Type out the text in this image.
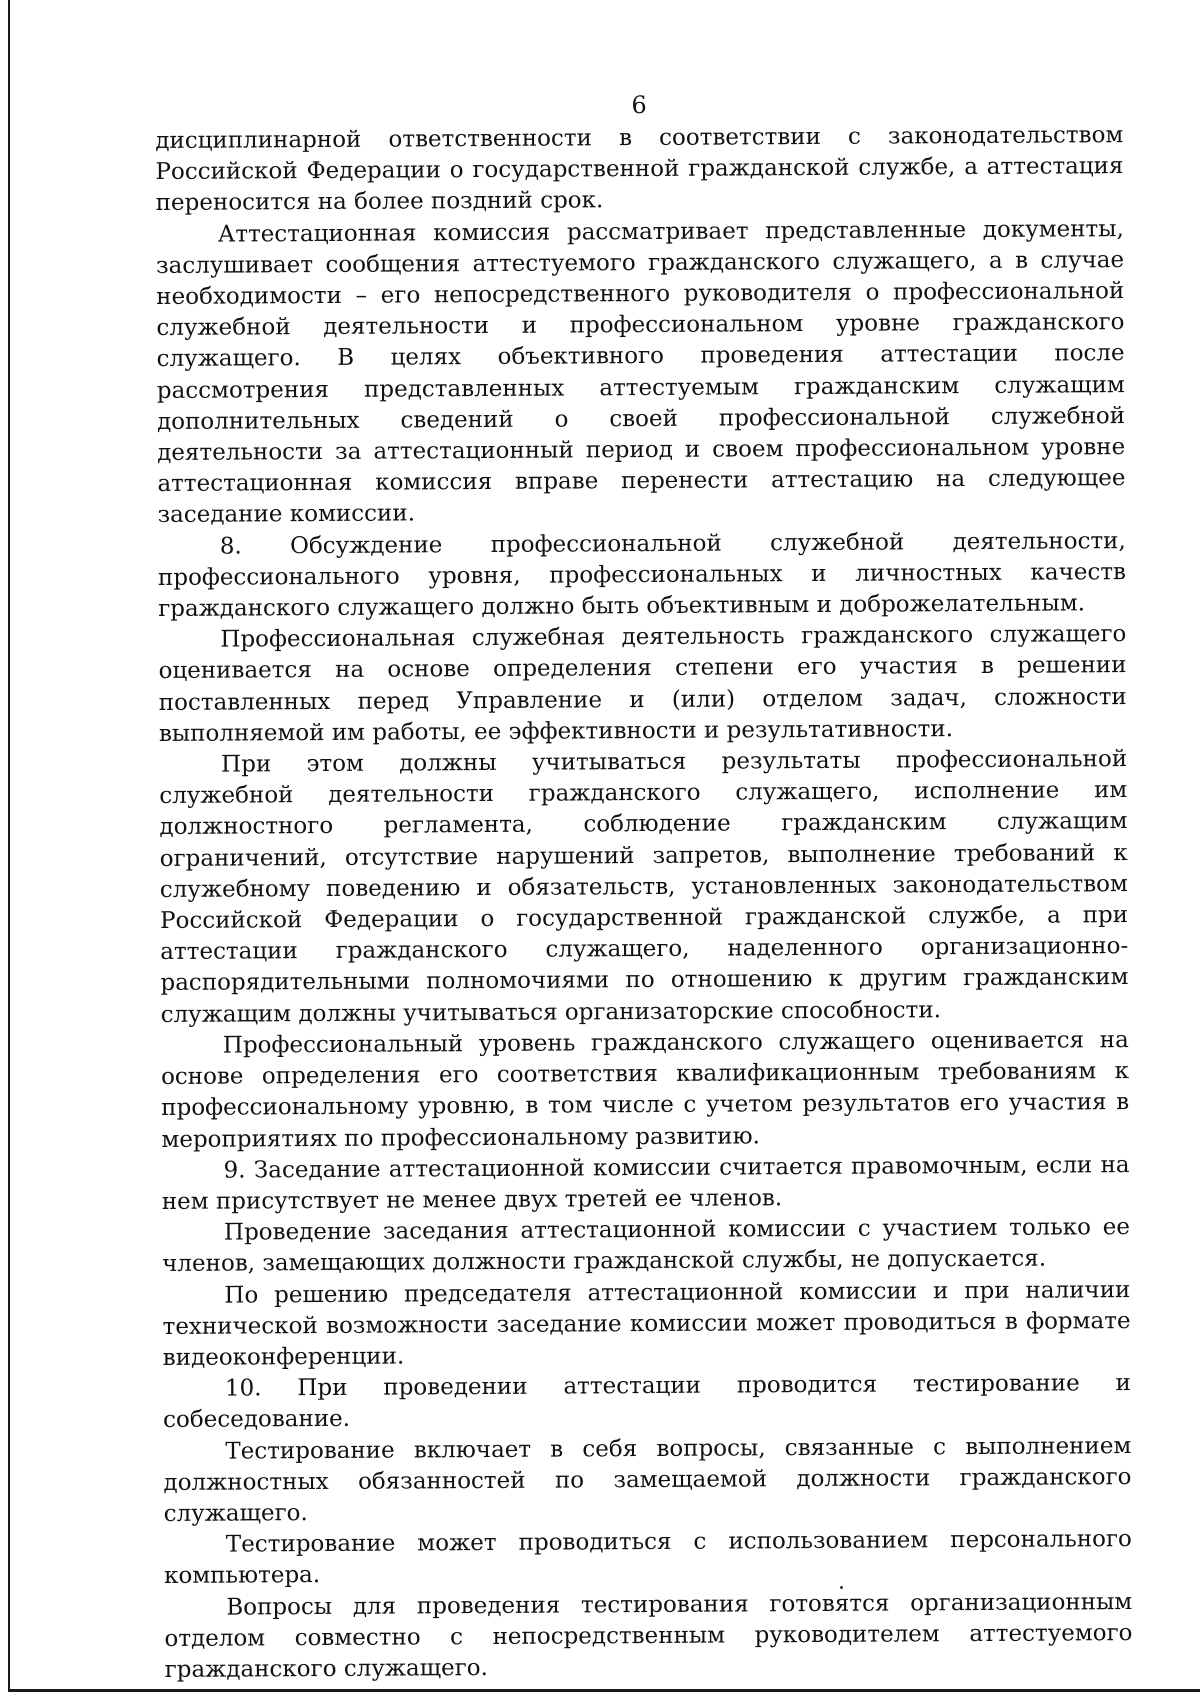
6

дисциплинарной ответственности в соответствии с законодательством Российской Федерации о государственной гражданской службе, а аттестация переносится на более поздний срок.

Аттестационная комиссия рассматривает представленные документы, заслушивает сообщения аттестуемого гражданского служащего, а в случае необходимости – его непосредственного руководителя о профессиональной служебной деятельности и профессиональном уровне гражданского служащего. В целях объективного проведения аттестации после рассмотрения представленных аттестуемым гражданским служащим дополнительных сведений о своей профессиональной служебной деятельности за аттестационный период и своем профессиональном уровне аттестационная комиссия вправе перенести аттестацию на следующее заседание комиссии.

8. Обсуждение профессиональной служебной деятельности, профессионального уровня, профессиональных и личностных качеств гражданского служащего должно быть объективным и доброжелательным.

Профессиональная служебная деятельность гражданского служащего оценивается на основе определения степени его участия в решении поставленных перед Управление и (или) отделом задач, сложности выполняемой им работы, ее эффективности и результативности.

При этом должны учитываться результаты профессиональной служебной деятельности гражданского служащего, исполнение им должностного регламента, соблюдение гражданским служащим ограничений, отсутствие нарушений запретов, выполнение требований к служебному поведению и обязательств, установленных законодательством Российской Федерации о государственной гражданской службе, а при аттестации гражданского служащего, наделенного организационно-распорядительными полномочиями по отношению к другим гражданским служащим должны учитываться организаторские способности.

Профессиональный уровень гражданского служащего оценивается на основе определения его соответствия квалификационным требованиям к профессиональному уровню, в том числе с учетом результатов его участия в мероприятиях по профессиональному развитию.

9. Заседание аттестационной комиссии считается правомочным, если на нем присутствует не менее двух третей ее членов.

Проведение заседания аттестационной комиссии с участием только ее членов, замещающих должности гражданской службы, не допускается.

По решению председателя аттестационной комиссии и при наличии технической возможности заседание комиссии может проводиться в формате видеоконференции.

10. При проведении аттестации проводится тестирование и собеседование.

Тестирование включает в себя вопросы, связанные с выполнением должностных обязанностей по замещаемой должности гражданского служащего.

Тестирование может проводиться с использованием персонального компьютера.

Вопросы для проведения тестирования готовятся организационным отделом совместно с непосредственным руководителем аттестуемого гражданского служащего.
